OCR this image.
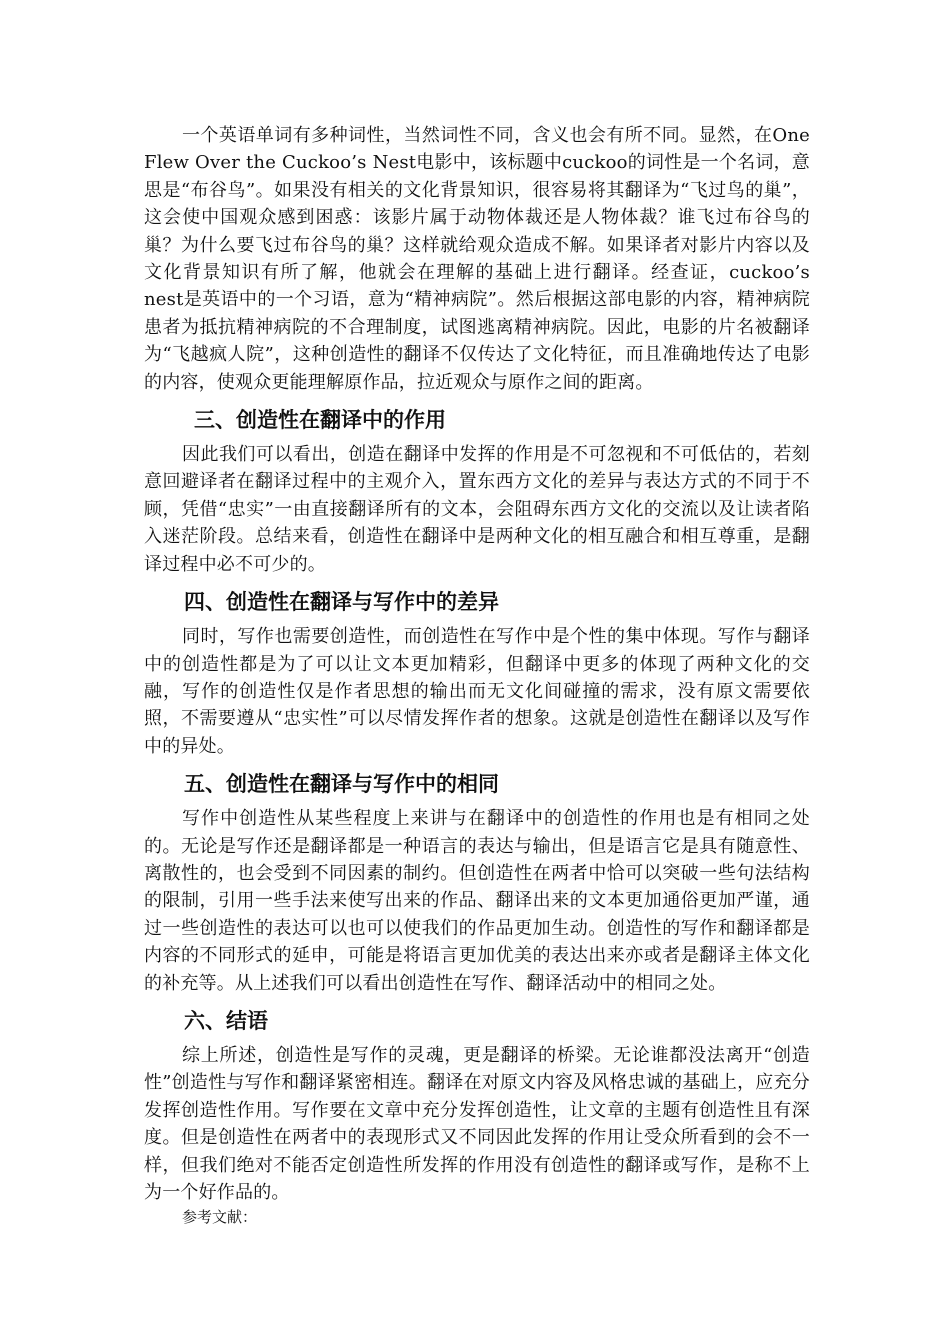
一个英语单词有多种词性，当然词性不同，含义也会有所不同。显然，在One Flew Over the Cuckoo’s Nest电影中，该标题中cuckoo的词性是一个名词，意思是“布谷鸟”。如果没有相关的文化背景知识，很容易将其翻译为“飞过鸟的巢”，这会使中国观众感到困惑：该影片属于动物体裁还是人物体裁？谁飞过布谷鸟的巢？为什么要飞过布谷鸟的巢？这样就给观众造成不解。如果译者对影片内容以及文化背景知识有所了解，他就会在理解的基础上进行翻译。经查证，cuckoo’s nest是英语中的一个习语，意为“精神病院”。然后根据这部电影的内容，精神病院患者为抵抗精神病院的不合理制度，试图逃离精神病院。因此，电影的片名被翻译为“飞越疯人院”，这种创造性的翻译不仅传达了文化特征，而且准确地传达了电影的内容，使观众更能理解原作品，拉近观众与原作之间的距离。

三、创造性在翻译中的作用

因此我们可以看出，创造在翻译中发挥的作用是不可忽视和不可低估的，若刻意回避译者在翻译过程中的主观介入，置东西方文化的差异与表达方式的不同于不顾，凭借“忠实”一由直接翻译所有的文本，会阻碍东西方文化的交流以及让读者陷入迷茫阶段。总结来看，创造性在翻译中是两种文化的相互融合和相互尊重，是翻译过程中必不可少的。

四、创造性在翻译与写作中的差异

同时，写作也需要创造性，而创造性在写作中是个性的集中体现。写作与翻译中的创造性都是为了可以让文本更加精彩，但翻译中更多的体现了两种文化的交融，写作的创造性仅是作者思想的输出而无文化间碰撞的需求，没有原文需要依照，不需要遵从“忠实性”可以尽情发挥作者的想象。这就是创造性在翻译以及写作中的异处。

五、创造性在翻译与写作中的相同

写作中创造性从某些程度上来讲与在翻译中的创造性的作用也是有相同之处的。无论是写作还是翻译都是一种语言的表达与输出，但是语言它是具有随意性、离散性的，也会受到不同因素的制约。但创造性在两者中恰可以突破一些句法结构的限制，引用一些手法来使写出来的作品、翻译出来的文本更加通俗更加严谨，通过一些创造性的表达可以也可以使我们的作品更加生动。创造性的写作和翻译都是内容的不同形式的延申，可能是将语言更加优美的表达出来亦或者是翻译主体文化的补充等。从上述我们可以看出创造性在写作、翻译活动中的相同之处。

六、结语

综上所述，创造性是写作的灵魂，更是翻译的桥梁。无论谁都没法离开“创造性”创造性与写作和翻译紧密相连。翻译在对原文内容及风格忠诚的基础上，应充分发挥创造性作用。写作要在文章中充分发挥创造性，让文章的主题有创造性且有深度。但是创造性在两者中的表现形式又不同因此发挥的作用让受众所看到的会不一样，但我们绝对不能否定创造性所发挥的作用没有创造性的翻译或写作，是称不上为一个好作品的。

参考文献：
